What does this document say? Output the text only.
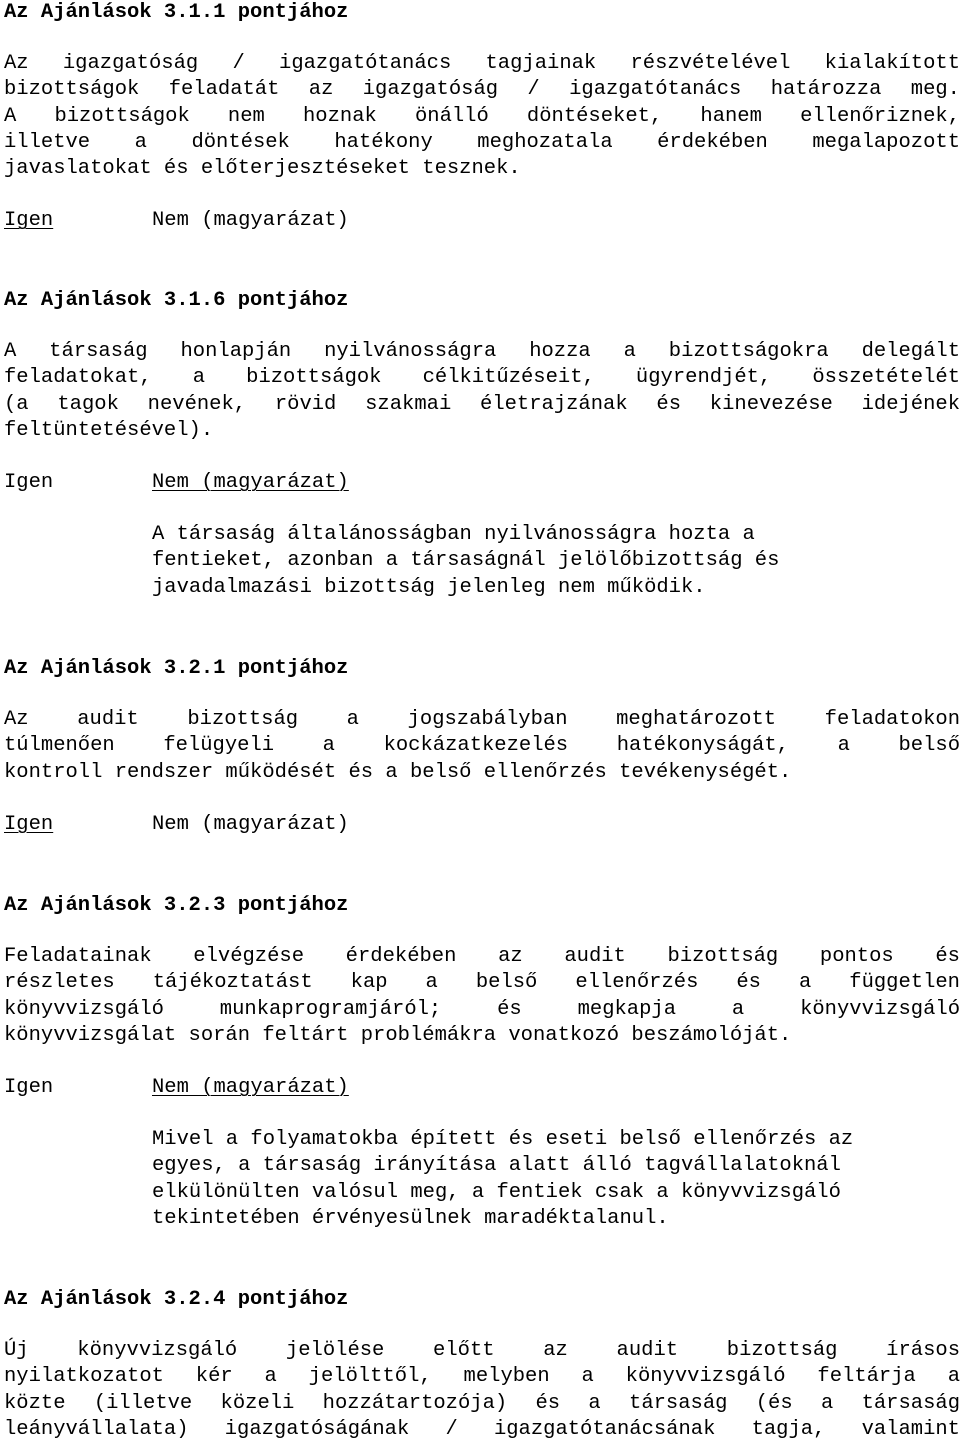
Az Ajánlások 3.1.1 pontjához

Az igazgatóság / igazgatótanács tagjainak részvételével kialakított

bizottságok feladatát az igazgatóság / igazgatótanács határozza meg.

A bizottságok nem hoznak önálló döntéseket, hanem ellenőriznek,

illetve a döntések hatékony meghozatala érdekében megalapozott

javaslatokat és előterjesztéseket tesznek.

Igen	Nem (magyarázat)

Az Ajánlások 3.1.6 pontjához

A társaság honlapján nyilvánosságra hozza a bizottságokra delegált

feladatokat, a bizottságok célkitűzéseit, ügyrendjét, összetételét

(a tagok nevének, rövid szakmai életrajzának és kinevezése idejének

feltüntetésével).

Igen	Nem (magyarázat)

A társaság általánosságban nyilvánosságra hozta a

fentieket, azonban a társaságnál jelölőbizottság és

javadalmazási bizottság jelenleg nem működik.

Az Ajánlások 3.2.1 pontjához

Az audit bizottság a jogszabályban meghatározott feladatokon

túlmenően felügyeli a kockázatkezelés hatékonyságát, a belső

kontroll rendszer működését és a belső ellenőrzés tevékenységét.

Igen	Nem (magyarázat)

Az Ajánlások 3.2.3 pontjához

Feladatainak elvégzése érdekében az audit bizottság pontos és

részletes tájékoztatást kap a belső ellenőrzés és a független

könyvvizsgáló munkaprogramjáról; és megkapja a könyvvizsgáló

könyvvizsgálat során feltárt problémákra vonatkozó beszámolóját.

Igen	Nem (magyarázat)

Mivel a folyamatokba épített és eseti belső ellenőrzés az

egyes, a társaság irányítása alatt álló tagvállalatoknál

elkülönülten valósul meg, a fentiek csak a könyvvizsgáló

tekintetében érvényesülnek maradéktalanul.

Az Ajánlások 3.2.4 pontjához

Új könyvvizsgáló jelölése előtt az audit bizottság írásos

nyilatkozatot kér a jelölttől, melyben a könyvvizsgáló feltárja a

közte (illetve közeli hozzátartozója) és a társaság (és a társaság

leányvállalata) igazgatóságának / igazgatótanácsának tagja, valamint
